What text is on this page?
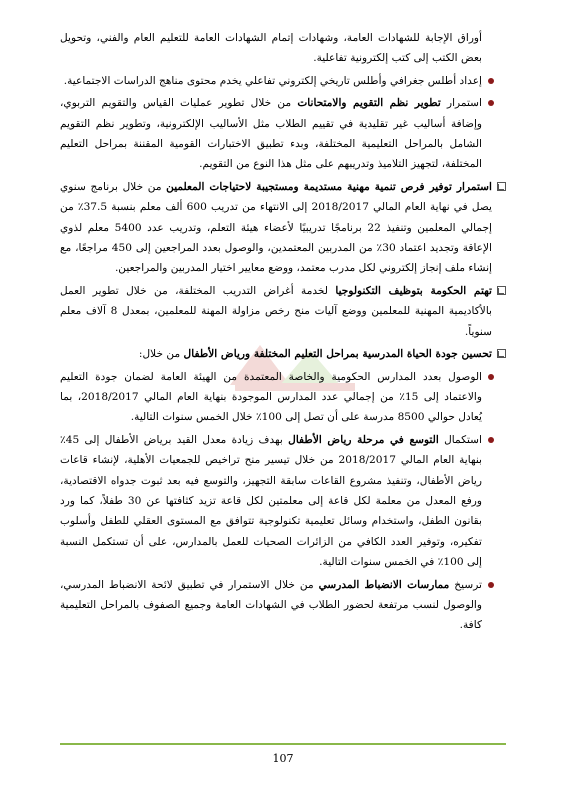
أوراق الإجابة للشهادات العامة، وشهادات إتمام الشهادات العامة للتعليم العام والفني، وتحويل بعض الكتب إلى كتب إلكترونية تفاعلية.
إعداد أطلس جغرافي وأطلس تاريخي إلكتروني تفاعلي يخدم محتوى مناهج الدراسات الاجتماعية.
استمرار تطوير نظم التقويم والامتحانات من خلال تطوير عمليات القياس والتقويم التربوي، وإضافة أساليب غير تقليدية في تقييم الطلاب مثل الأساليب الإلكترونية، وتطوير نظم التقويم الشامل بالمراحل التعليمية المختلفة، وبدء تطبيق الاختبارات القومية المقننة بمراحل التعليم المختلفة، لتجهيز التلاميذ وتدريبهم على مثل هذا النوع من التقويم.
استمرار توفير فرص تنمية مهنية مستديمة ومستجيبة لاحتياجات المعلمين من خلال برنامج سنوي يصل في نهاية العام المالي 2018/2017 إلى الانتهاء من تدريب 600 ألف معلم بنسبة 37.5٪ من إجمالي المعلمين وتنفيذ 22 برنامجًا تدريبيًا لأعضاء هيئة التعلم، وتدريب عدد 5400 معلم لذوي الإعاقة وتجديد اعتماد 30٪ من المدربين المعتمدين، والوصول بعدد المراجعين إلى 450 مراجعًا، مع إنشاء ملف إنجاز إلكتروني لكل مدرب معتمد، ووضع معايير اختيار المدربين والمراجعين.
تهتم الحكومة بتوظيف التكنولوجيا لخدمة أغراض التدريب المختلفة، من خلال تطوير العمل بالأكاديمية المهنية للمعلمين ووضع آليات منح رخص مزاولة المهنة للمعلمين، بمعدل 8 آلاف معلم سنوياً.
تحسين جودة الحياة المدرسية بمراحل التعليم المختلفة ورياض الأطفال من خلال:
الوصول بعدد المدارس الحكومية والخاصة المعتمدة من الهيئة العامة لضمان جودة التعليم والاعتماد إلى 15٪ من إجمالي عدد المدارس الموجودة بنهاية العام المالي 2018/2017، بما يُعادل حوالي 8500 مدرسة على أن تصل إلى 100٪ خلال الخمس سنوات التالية.
استكمال التوسع في مرحلة رياض الأطفال بهدف زيادة معدل القيد برياض الأطفال إلى 45٪ بنهاية العام المالي 2018/2017 من خلال تيسير منح تراخيص للجمعيات الأهلية، لإنشاء قاعات رياض الأطفال، وتنفيذ مشروع القاعات سابقة التجهيز، والتوسع فيه بعد ثبوت جدواه الاقتصادية، ورفع المعدل من معلمة لكل قاعة إلى معلمتين لكل قاعة تزيد كثافتها عن 30 طفلاً، كما ورد بقانون الطفل، واستخدام وسائل تعليمية تكنولوجية تتوافق مع المستوى العقلي للطفل وأسلوب تفكيره، وتوفير العدد الكافي من الزائرات الصحيات للعمل بالمدارس، على أن تستكمل النسبة إلى 100٪ في الخمس سنوات التالية.
ترسيخ ممارسات الانضباط المدرسي من خلال الاستمرار في تطبيق لائحة الانضباط المدرسي، والوصول لنسب مرتفعة لحضور الطلاب في الشهادات العامة وجميع الصفوف بالمراحل التعليمية كافة.
107
